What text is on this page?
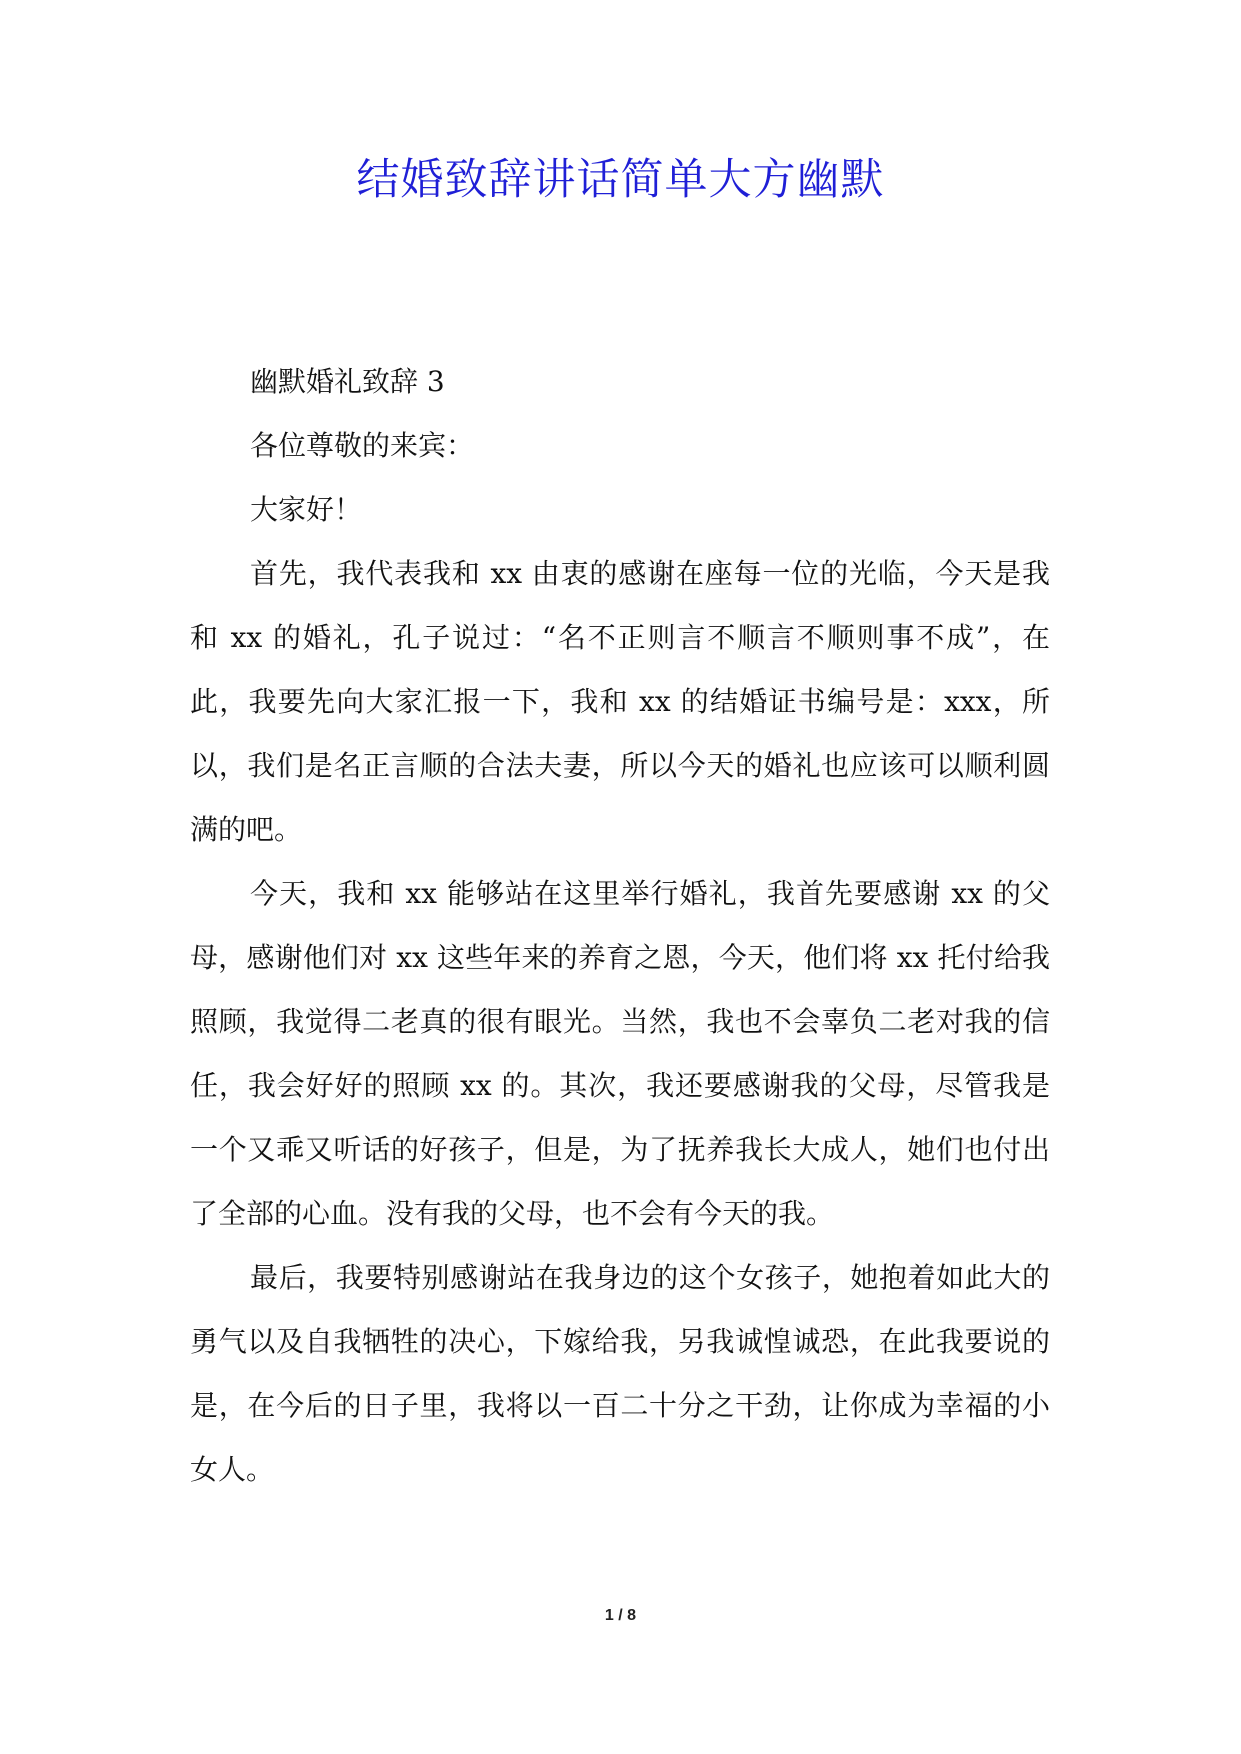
结婚致辞讲话简单大方幽默

幽默婚礼致辞 3

各位尊敬的来宾：

大家好！

首先，我代表我和 xx 由衷的感谢在座每一位的光临，今天是我和 xx 的婚礼，孔子说过：“名不正则言不顺言不顺则事不成”，在此，我要先向大家汇报一下，我和 xx 的结婚证书编号是：xxx，所以，我们是名正言顺的合法夫妻，所以今天的婚礼也应该可以顺利圆满的吧。

今天，我和 xx 能够站在这里举行婚礼，我首先要感谢 xx 的父母，感谢他们对 xx 这些年来的养育之恩，今天，他们将 xx 托付给我照顾，我觉得二老真的很有眼光。当然，我也不会辜负二老对我的信任，我会好好的照顾 xx 的。其次，我还要感谢我的父母，尽管我是一个又乖又听话的好孩子，但是，为了抚养我长大成人，她们也付出了全部的心血。没有我的父母，也不会有今天的我。

最后，我要特别感谢站在我身边的这个女孩子，她抱着如此大的勇气以及自我牺牲的决心，下嫁给我，另我诚惶诚恐，在此我要说的是，在今后的日子里，我将以一百二十分之干劲，让你成为幸福的小女人。

1 / 8
